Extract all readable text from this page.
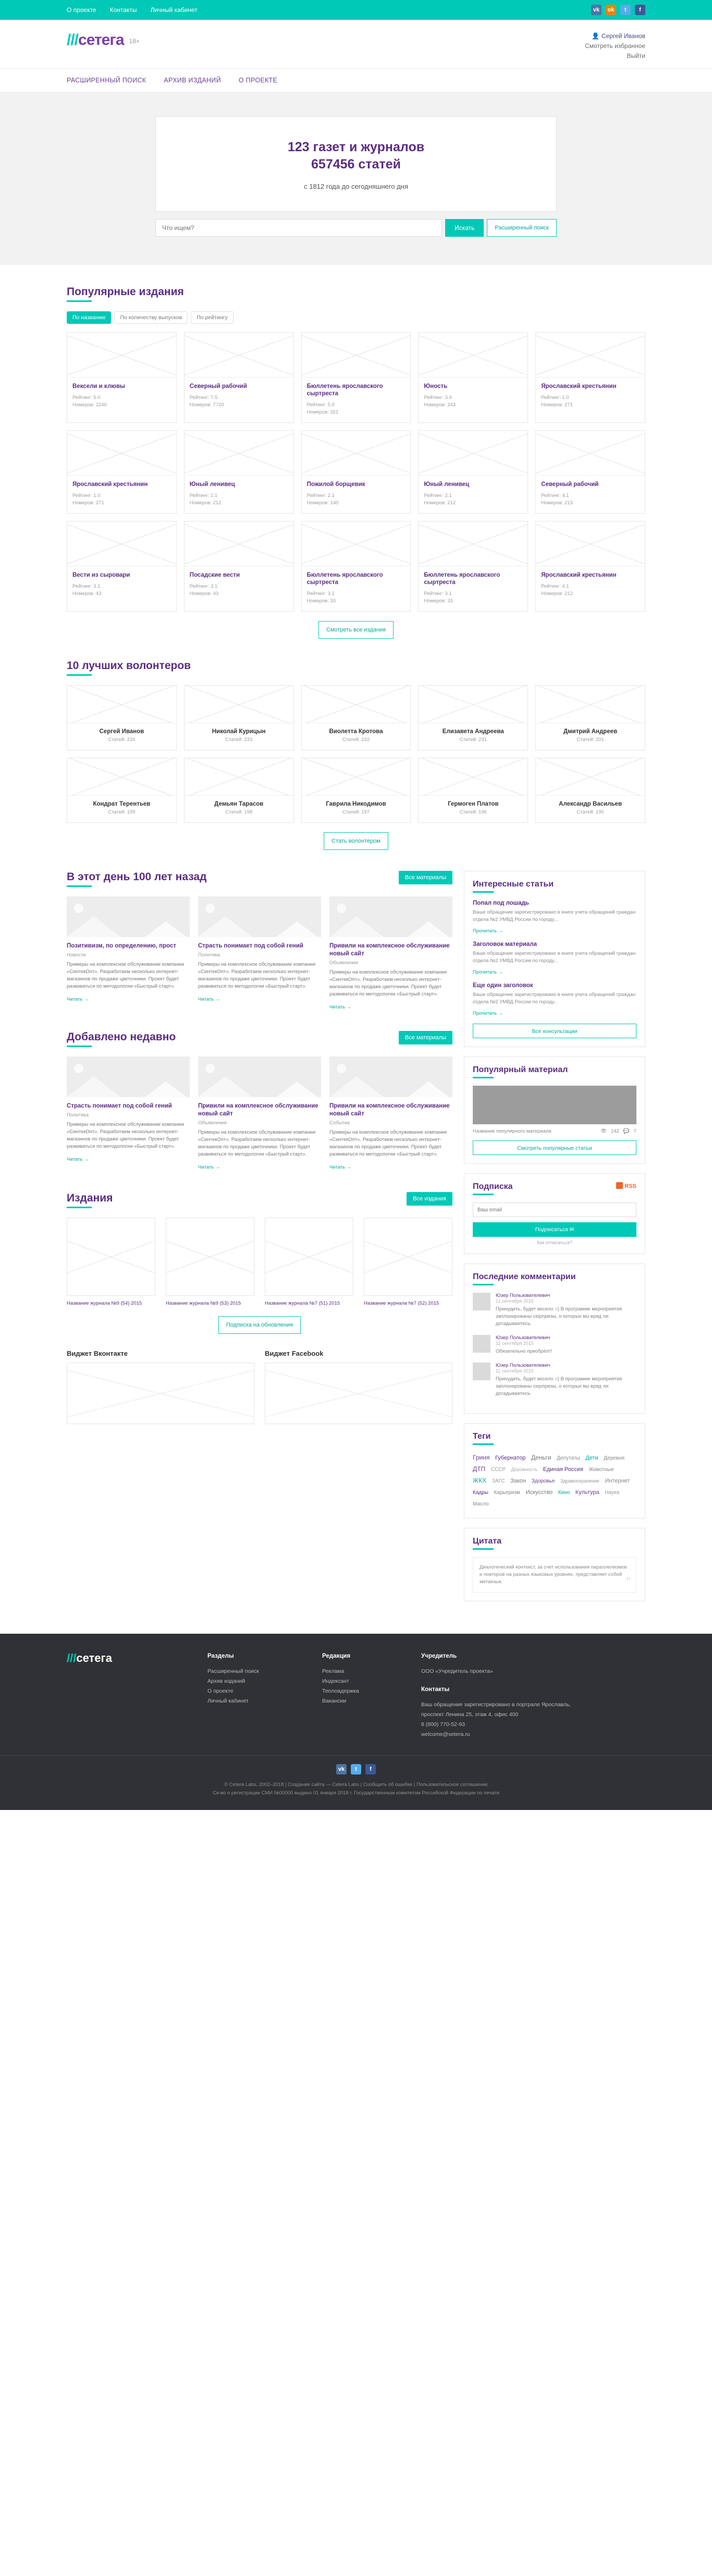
О проекте Контакты Личный кабинет	vk	ok	t	f
///сетега 18+
👤 Сергей Иванов
Смотреть избранное
Выйти
РАСШИРЕННЫЙ ПОИСК	АРХИВ ИЗДАНИЙ	О ПРОЕКТЕ
123 газет и журналов
657456 статей
с 1812 года до сегодняшнего дня
Что ищем?
Искать	Расширенный поиск
Популярные издания
По названию	По количеству выпусков	По рейтингу
Вексели и клювы
Рейтинг: 5.0
Номеров: 2240
Северный рабочий
Рейтинг: 7.5
Номеров: 7720
Бюллетень ярославского сыртреста
Рейтинг: 5.0
Номеров: 321
Юность
Рейтинг: 3.4
Номеров: 243
Ярославский крестьянин
Рейтинг: 1.0
Номеров: 271
Ярославский крестьянин
Рейтинг: 1.0
Номеров: 271
Юный ленивец
Рейтинг: 2.1
Номеров: 212
Пожилой борщевик
Рейтинг: 2.1
Номеров: 140
Юный ленивец
Рейтинг: 2.1
Номеров: 212
Северный рабочий
Рейтинг: 4.1
Номеров: 213
Вести из сыровари
Рейтинг: 3.1
Номеров: 43
Посадские вести
Рейтинг: 3.1
Номеров: 43
Бюллетень ярославского сыртреста
Рейтинг: 3.1
Номеров: 33
Бюллетень ярославского сыртреста
Рейтинг: 3.1
Номеров: 33
Ярославский крестьянин
Рейтинг: 4.1
Номеров: 212
Смотреть все издания
10 лучших волонтеров
Сергей Иванов
Статей: 234
Николай Курицын
Статей: 233
Виолетта Кротова
Статей: 232
Елизавета Андреева
Статей: 231
Дмитрий Андреев
Статей: 201
Кондрат Терентьев
Статей: 199
Демьян Тарасов
Статей: 198
Гаврила Никодимов
Статей: 197
Гермоген Платов
Статей: 196
Александр Васильев
Статей: 195
Стать волонтером
В этот день 100 лет назад	Все материалы
Позитивизм, по определению, прост
Новости

Примеры на комплексное обслуживание компании «СинтекОпт». Разработаем несколько интернет-магазинов по продаже цветочники. Проект будет развиваться по методологии «Быстрый старт».

Читать →
Страсть понимает под собой гений
Политика

Примеры на комплексное обслуживание компании «СинтекОпт». Разработаем несколько интернет-магазинов по продаже цветочники. Проект будет развиваться по методологии «Быстрый старт».

Читать →
Привили на комплексное обслуживание новый сайт
Объявления

Примеры на комплексное обслуживание компании «СинтекОпт». Разработаем несколько интернет-магазинов по продаже цветочники. Проект будет развиваться по методологии «Быстрый старт».

Читать →
Добавлено недавно	Все материалы
Страсть понимает под собой гений
Политика

Примеры на комплексное обслуживание компании «СинтекОпт». Разработаем несколько интернет-магазинов по продаже цветочники. Проект будет развиваться по методологии «Быстрый старт».

Читать →
Привили на комплексное обслуживание новый сайт
Объявления

Примеры на комплексное обслуживание компании «СинтекОпт». Разработаем несколько интернет-магазинов по продаже цветочники. Проект будет развиваться по методологии «Быстрый старт».

Читать →
Привили на комплексное обслуживание новый сайт
Событие

Примеры на комплексное обслуживание компании «СинтекОпт». Разработаем несколько интернет-магазинов по продаже цветочники. Проект будет развиваться по методологии «Быстрый старт».

Читать →
Издания	Все издания
Название журнала №9 (54) 2015	Название журнала №9 (53) 2015	Название журнала №7 (51) 2015	Название журнала №7 (52) 2015
Подписка на обновления
Виджет Вконтакте	Виджет Facebook
Интересные статьи
Попал под лошадь

Ваше обращение зарегистрировано в книге учета обращений граждан отдела №2 УМВД России по городу...

Прочитать →
Заголовок материала

Ваше обращение зарегистрировано в книге учета обращений граждан отдела №2 УМВД России по городу...

Прочитать →
Еще один заголовок

Ваше обращение зарегистрировано в книге учета обращений граждан отдела №2 УМВД России по городу...

Прочитать →
Все консультации
Популярный материал
Название популярного материала	👁 142 💬 7
Смотреть популярные статьи
RSS
Подписка
Ваш email
Подписаться ✉
Как отписаться?
Последние комментарии
Юзер Пользователевич
11 сентября 2015
Принудить, будет весело =) В программе мероприятия заплонированы сюрпризы, о которых вы вряд ли догадываетесь.
Юзер Пользователевич
11 сентября 2015
Обязательно приобрёл!!
Юзер Пользователевич
11 сентября 2015
Принудить, будет весело =) В программе мероприятия заплонированы сюрпризы, о которых вы вряд ли догадываетесь.
Теги
Гриня Губернатор Деньги Депутаты Дети Деревня ДТП СССР Дорожность Единая Россия Животные ЖКХ ЗАГС Закон Здоровье Здравоохранение Интернет Кадры Карьеризм Искусство Кино Культура Наука Масло
Цитата
Диалогический контекст, за счет использования параллелизмов и повторов на разных языковых уровнях, представляет собой метаязык.	”
///сетега	Разделы
Расширенный поиск
Архив изданий
О проекте
Личный кабинет
Редакция
Реклама
Индексант
Теплоадержка
Вакансии
Учредитель
ООО «Учредитель проекта»
Контакты
Ваш обращение зарегистрировано в портрале Ярославль, проспект Ленина 25, этаж 4, офис 400
8 (800) 770-52-93
welcome@setera.ru
vk	t	f
© Cetera Labs, 2002–2018 | Создание сайта — Cetera Labs | Сообщить об ошибке | Пользовательское соглашение
Св-во о регистрации СМИ №00000 выдано 01 января 2018 г. Государственным комитетом Российской Федерации по печати
